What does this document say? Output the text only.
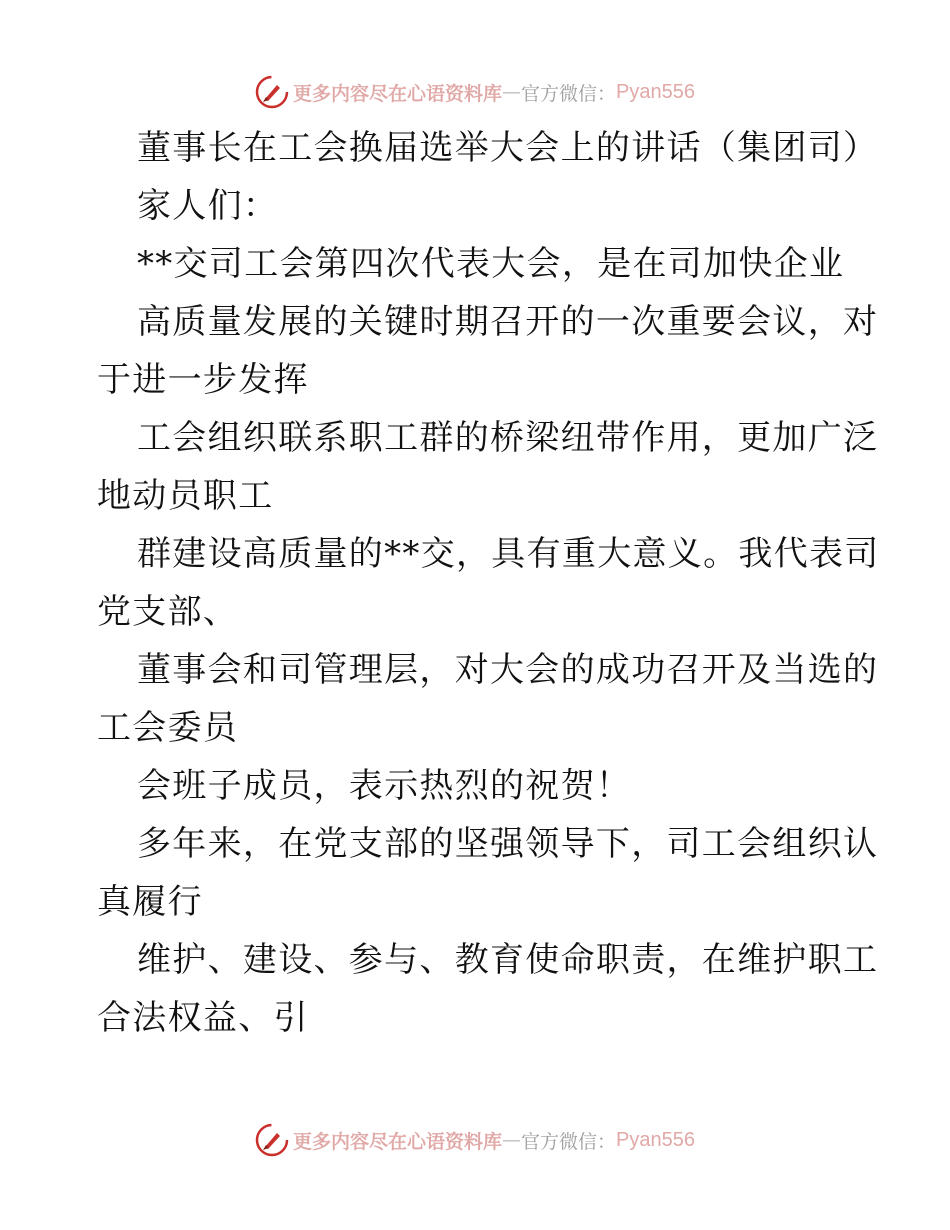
更多内容尽在心语资料库 — 官方微信： Pyan556
董事长在工会换届选举大会上的讲话（集团司）
家人们：
**交司工会第四次代表大会，是在司加快企业
高质量发展的关键时期召开的一次重要会议，对
于进一步发挥
工会组织联系职工群的桥梁纽带作用，更加广泛
地动员职工
群建设高质量的**交，具有重大意义。我代表司
党支部、
董事会和司管理层，对大会的成功召开及当选的
工会委员
会班子成员，表示热烈的祝贺！
多年来，在党支部的坚强领导下，司工会组织认
真履行
维护、建设、参与、教育使命职责，在维护职工
合法权益、引
更多内容尽在心语资料库 — 官方微信： Pyan556
